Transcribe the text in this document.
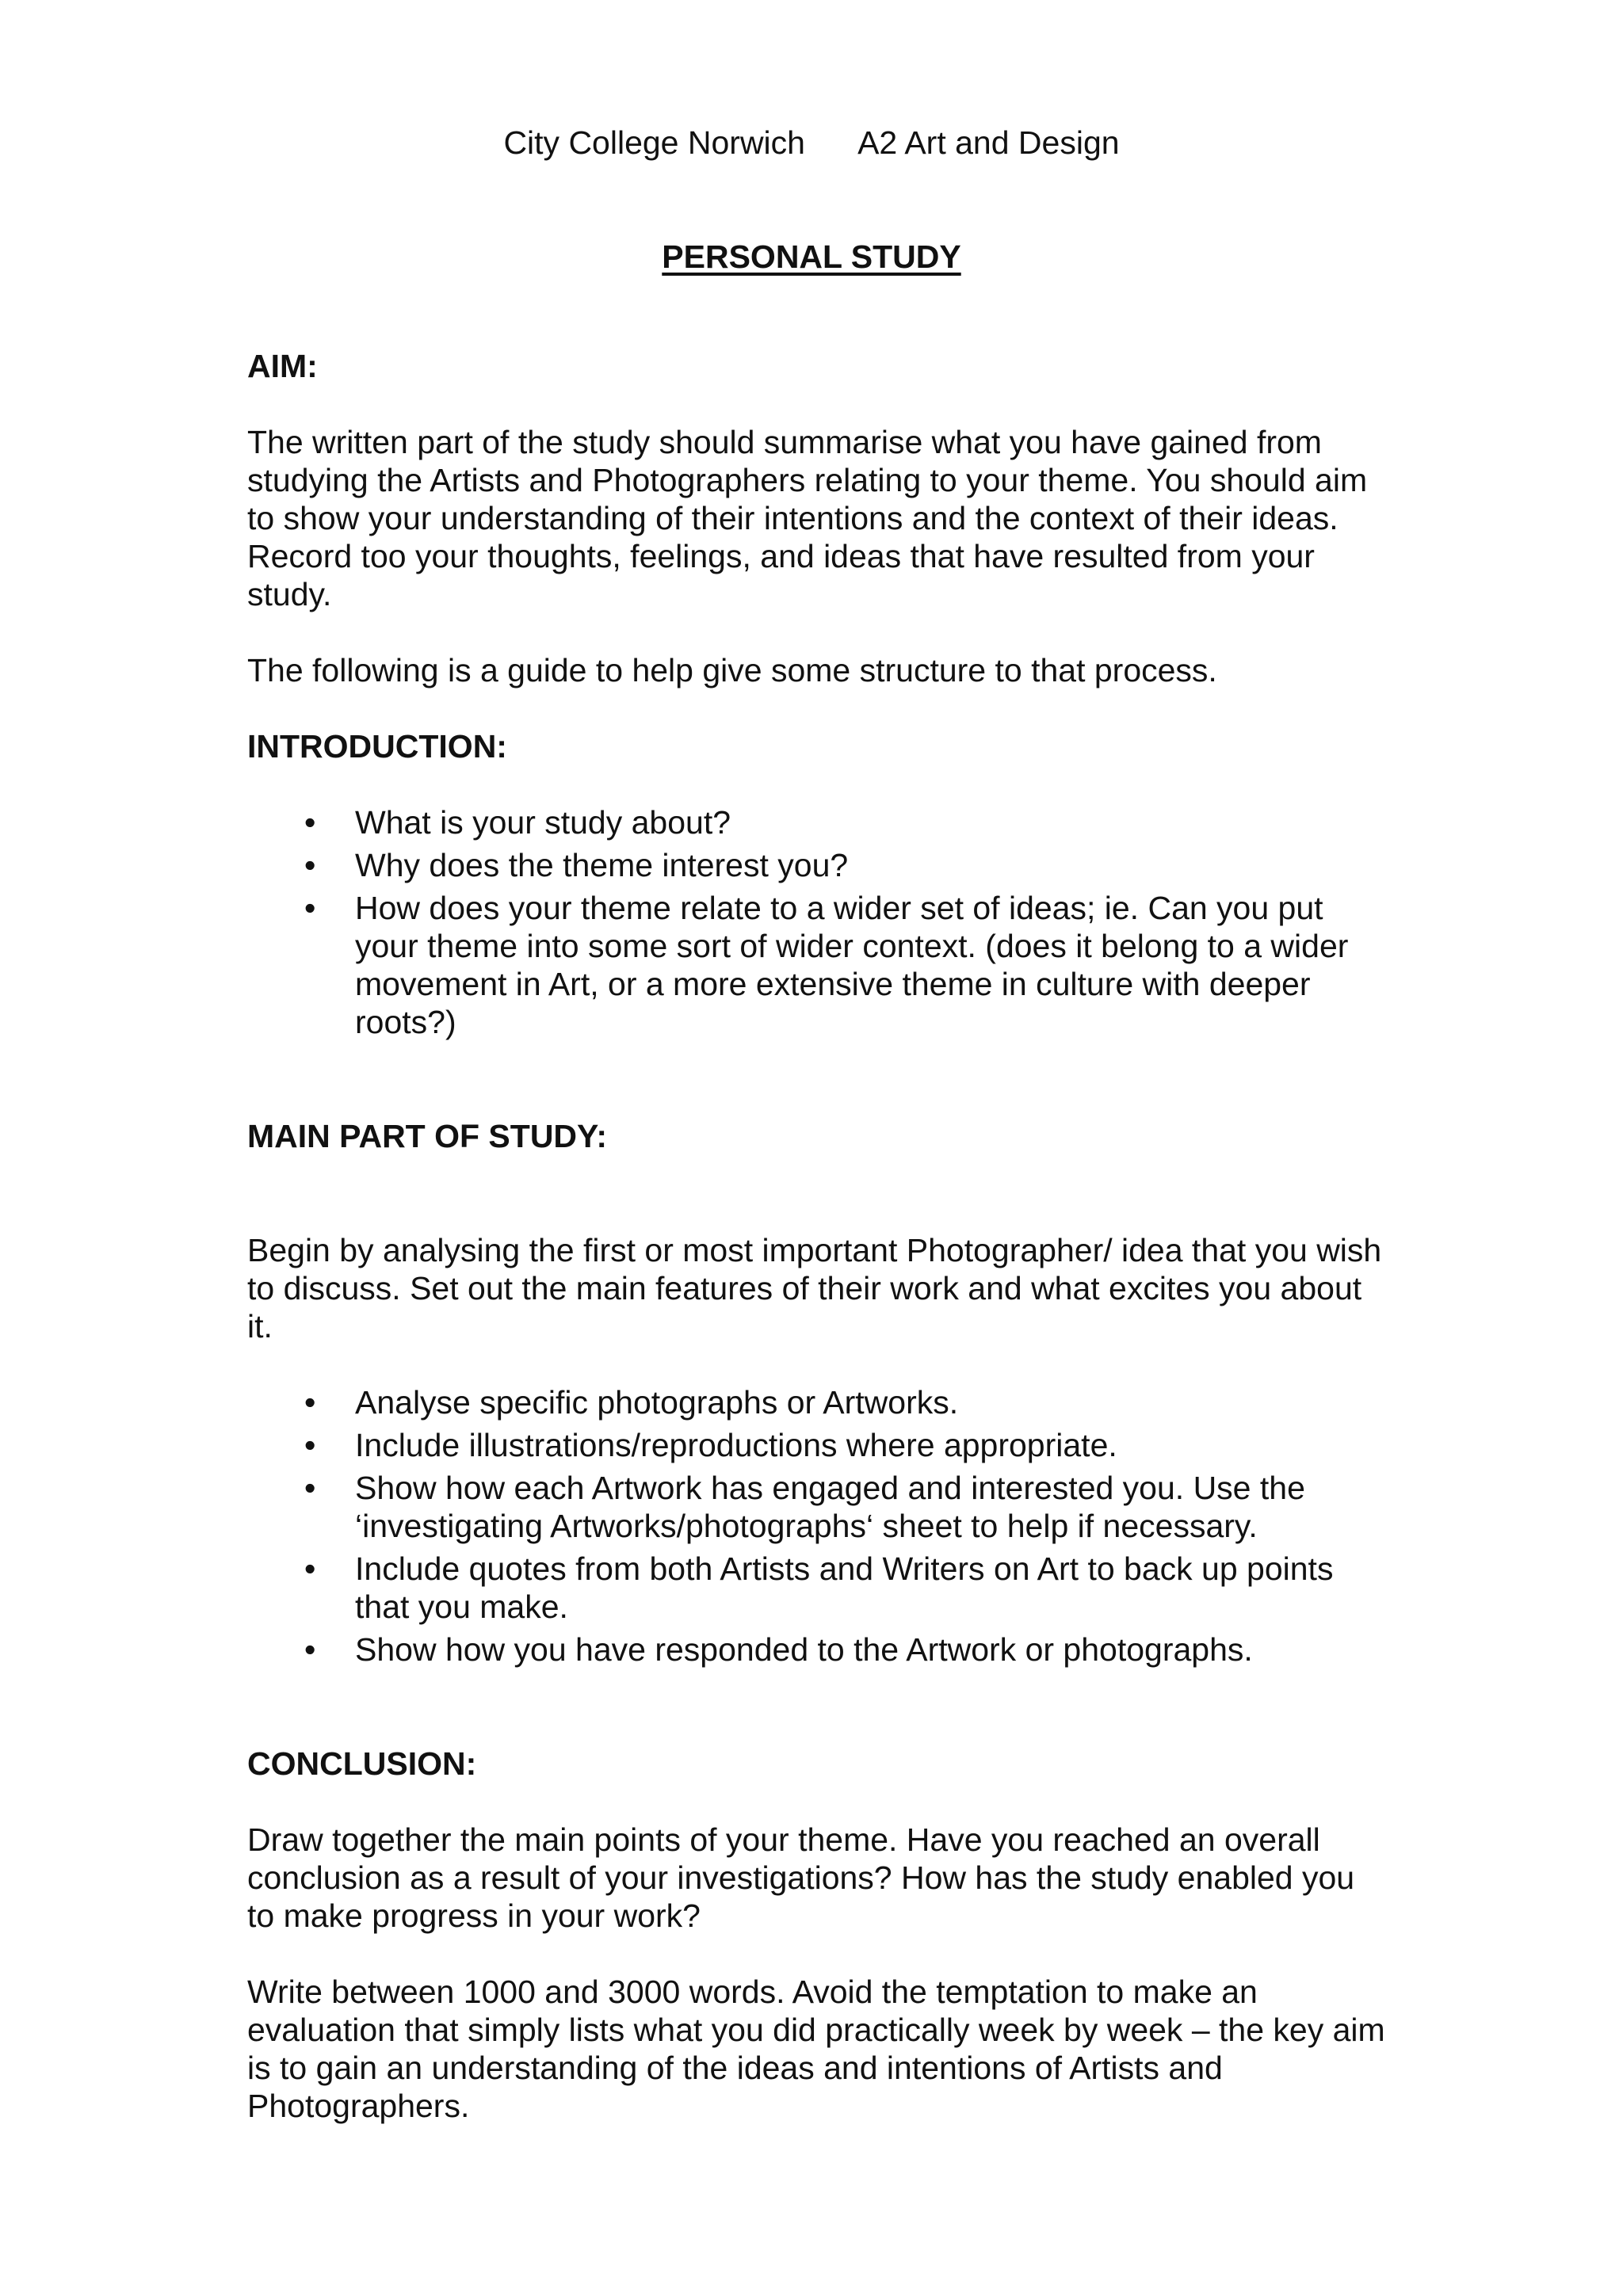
City College Norwich A2 Art and Design
PERSONAL STUDY

AIM:

The written part of the study should summarise what you have gained from studying the Artists and Photographers relating to your theme. You should aim to show your understanding of their intentions and the context of their ideas. Record too your thoughts, feelings, and ideas that have resulted from your study.

The following is a guide to help give some structure to that process.

INTRODUCTION:

• What is your study about?
• Why does the theme interest you?
• How does your theme relate to a wider set of ideas; ie. Can you put your theme into some sort of wider context. (does it belong to a wider movement in Art, or a more extensive theme in culture with deeper roots?)

MAIN PART OF STUDY:

Begin by analysing the first or most important Photographer/ idea that you wish to discuss. Set out the main features of their work and what excites you about it.

• Analyse specific photographs or Artworks.
• Include illustrations/reproductions where appropriate.
• Show how each Artwork has engaged and interested you. Use the ‘investigating Artworks/photographs‘ sheet to help if necessary.
• Include quotes from both Artists and Writers on Art to back up points that you make.
• Show how you have responded to the Artwork or photographs.

CONCLUSION:

Draw together the main points of your theme. Have you reached an overall conclusion as a result of your investigations? How has the study enabled you to make progress in your work?

Write between 1000 and 3000 words. Avoid the temptation to make an evaluation that simply lists what you did practically week by week – the key aim is to gain an understanding of the ideas and intentions of Artists and Photographers.
